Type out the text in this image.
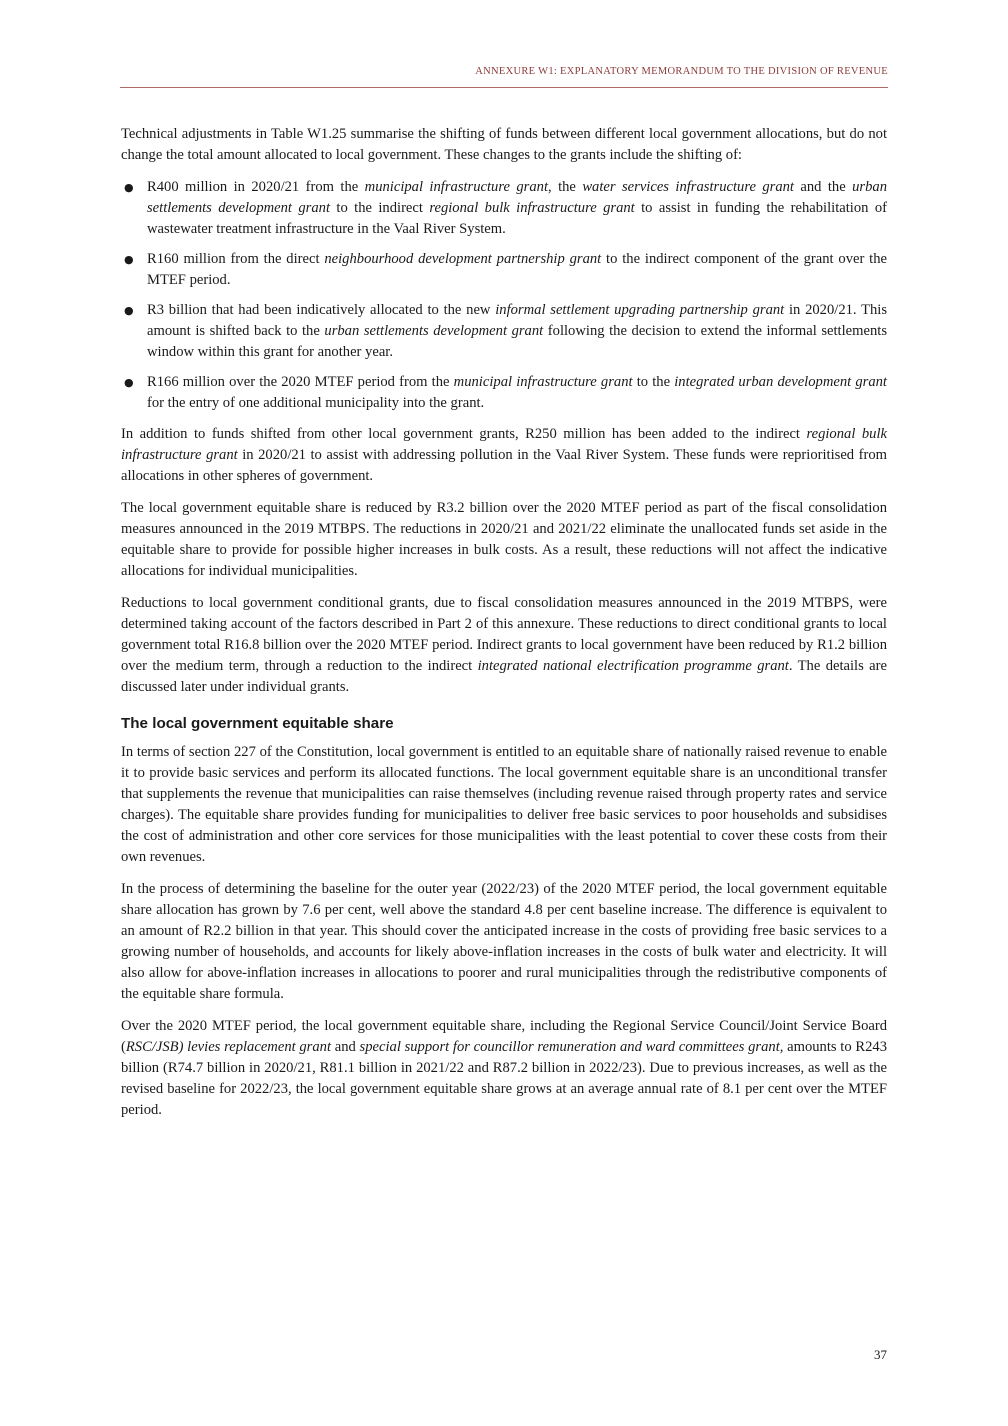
ANNEXURE W1: EXPLANATORY MEMORANDUM TO THE DIVISION OF REVENUE

Technical adjustments in Table W1.25 summarise the shifting of funds between different local government allocations, but do not change the total amount allocated to local government. These changes to the grants include the shifting of:

● R400 million in 2020/21 from the municipal infrastructure grant, the water services infrastructure grant and the urban settlements development grant to the indirect regional bulk infrastructure grant to assist in funding the rehabilitation of wastewater treatment infrastructure in the Vaal River System.
● R160 million from the direct neighbourhood development partnership grant to the indirect component of the grant over the MTEF period.
● R3 billion that had been indicatively allocated to the new informal settlement upgrading partnership grant in 2020/21. This amount is shifted back to the urban settlements development grant following the decision to extend the informal settlements window within this grant for another year.
● R166 million over the 2020 MTEF period from the municipal infrastructure grant to the integrated urban development grant for the entry of one additional municipality into the grant.

In addition to funds shifted from other local government grants, R250 million has been added to the indirect regional bulk infrastructure grant in 2020/21 to assist with addressing pollution in the Vaal River System. These funds were reprioritised from allocations in other spheres of government.

The local government equitable share is reduced by R3.2 billion over the 2020 MTEF period as part of the fiscal consolidation measures announced in the 2019 MTBPS. The reductions in 2020/21 and 2021/22 eliminate the unallocated funds set aside in the equitable share to provide for possible higher increases in bulk costs. As a result, these reductions will not affect the indicative allocations for individual municipalities.

Reductions to local government conditional grants, due to fiscal consolidation measures announced in the 2019 MTBPS, were determined taking account of the factors described in Part 2 of this annexure. These reductions to direct conditional grants to local government total R16.8 billion over the 2020 MTEF period. Indirect grants to local government have been reduced by R1.2 billion over the medium term, through a reduction to the indirect integrated national electrification programme grant. The details are discussed later under individual grants.

The local government equitable share

In terms of section 227 of the Constitution, local government is entitled to an equitable share of nationally raised revenue to enable it to provide basic services and perform its allocated functions. The local government equitable share is an unconditional transfer that supplements the revenue that municipalities can raise themselves (including revenue raised through property rates and service charges). The equitable share provides funding for municipalities to deliver free basic services to poor households and subsidises the cost of administration and other core services for those municipalities with the least potential to cover these costs from their own revenues.

In the process of determining the baseline for the outer year (2022/23) of the 2020 MTEF period, the local government equitable share allocation has grown by 7.6 per cent, well above the standard 4.8 per cent baseline increase. The difference is equivalent to an amount of R2.2 billion in that year. This should cover the anticipated increase in the costs of providing free basic services to a growing number of households, and accounts for likely above-inflation increases in the costs of bulk water and electricity. It will also allow for above-inflation increases in allocations to poorer and rural municipalities through the redistributive components of the equitable share formula.

Over the 2020 MTEF period, the local government equitable share, including the Regional Service Council/Joint Service Board (RSC/JSB) levies replacement grant and special support for councillor remuneration and ward committees grant, amounts to R243 billion (R74.7 billion in 2020/21, R81.1 billion in 2021/22 and R87.2 billion in 2022/23). Due to previous increases, as well as the revised baseline for 2022/23, the local government equitable share grows at an average annual rate of 8.1 per cent over the MTEF period.

37
